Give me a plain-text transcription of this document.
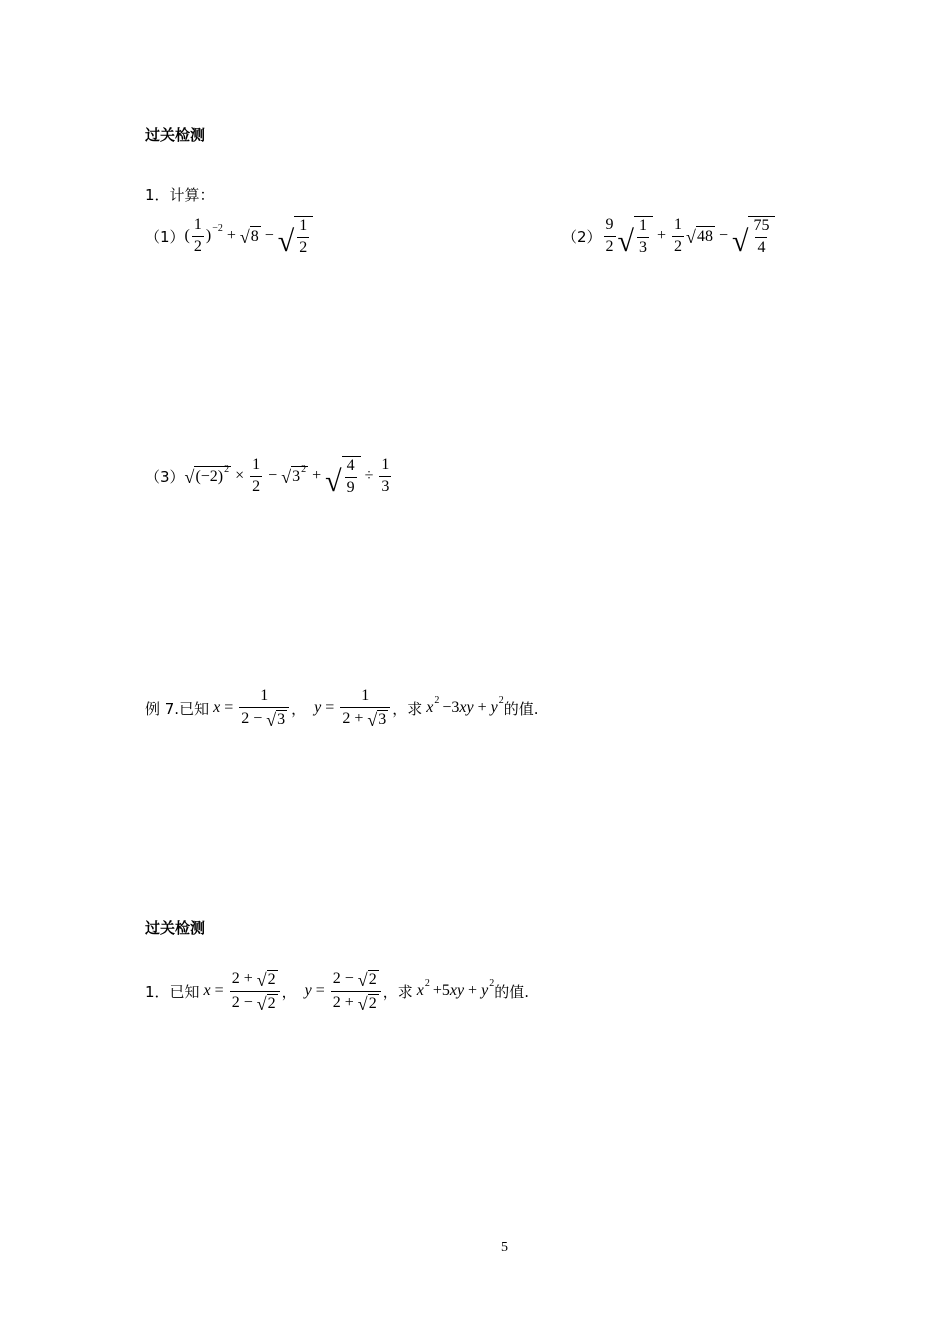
过关检测
1．计算：
（1） ( $\frac{1}{2}$ ) −2 + √ 8 − √ $\frac{1}{2}$	$(2) \frac{9}{2}$ √ $\frac{1}{3} + \frac{1}{2}$ √ 48 − √ $\frac{75}{4}$
（3） √ (−2) $2 \times \frac{1}{2}$ − √ 3 2 + √ $\frac{4}{9} \div \frac{1}{3}$
例 7.已知 $x = \frac{1}{2 - √ 3}$ ， $y = \frac{1}{2 + √ 3}$ ，求 x 2 −3 xy + y 2 的值.
过关检测
1．已知 $x = \frac{2 + √ 2}{2 - √ 2}$ ， $y = \frac{2 - √ 2}{2 + √ 2}$ ，求 x 2 +5 xy + y 2 的值.
5
